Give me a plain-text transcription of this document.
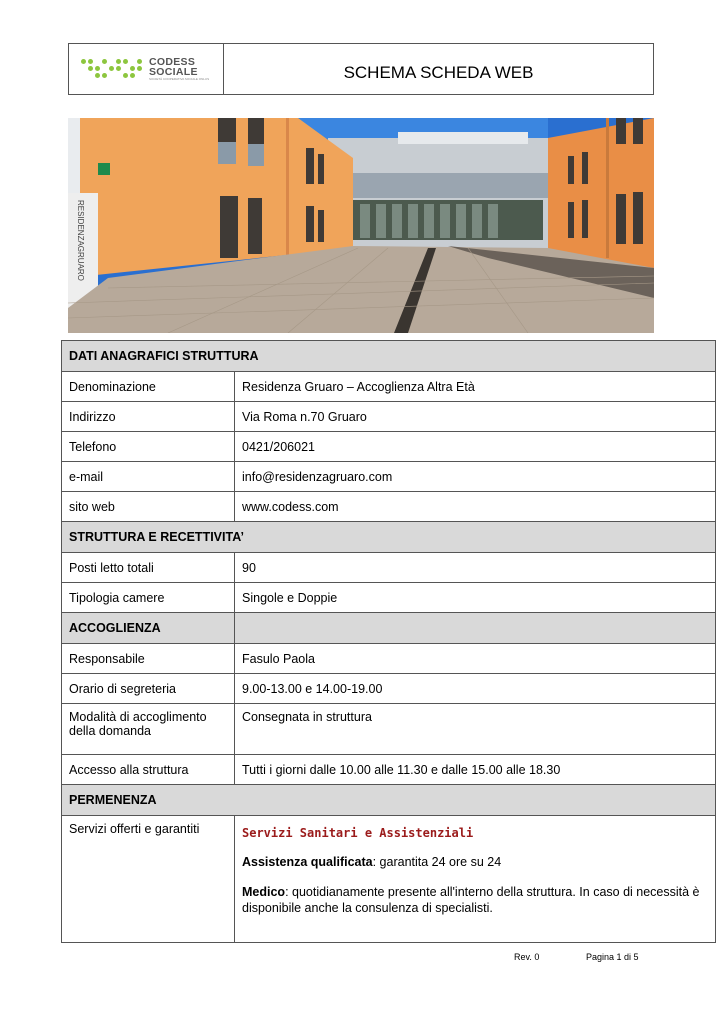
CODESS
SOCIALE
SOCIETÀ COOPERATIVA SOCIALE ONLUS	SCHEMA SCHEDA WEB
RESIDENZAGRUARO
DATI ANAGRAFICI STRUTTURA	
Denominazione	Residenza Gruaro – Accoglienza Altra Età
Indirizzo	Via Roma n.70 Gruaro
Telefono	0421/206021
e-mail	info@residenzagruaro.com
sito web	www.codess.com
STRUTTURA E RECETTIVITA’	
Posti letto totali	90
Tipologia camere	Singole e Doppie
ACCOGLIENZA	
Responsabile	Fasulo Paola
Orario di segreteria	9.00-13.00 e 14.00-19.00
Modalità di accoglimento della domanda	Consegnata in struttura
Accesso alla struttura	Tutti i giorni dalle 10.00 alle 11.30 e dalle 15.00 alle 18.30
PERMENENZA	
Servizi offerti e garantiti	Servizi Sanitari e Assistenziali

Assistenza qualificata: garantita 24 ore su 24

Medico: quotidianamente presente all'interno della struttura. In caso di necessità è disponibile anche la consulenza di specialisti.

Rev. 0	Pagina 1 di 5
